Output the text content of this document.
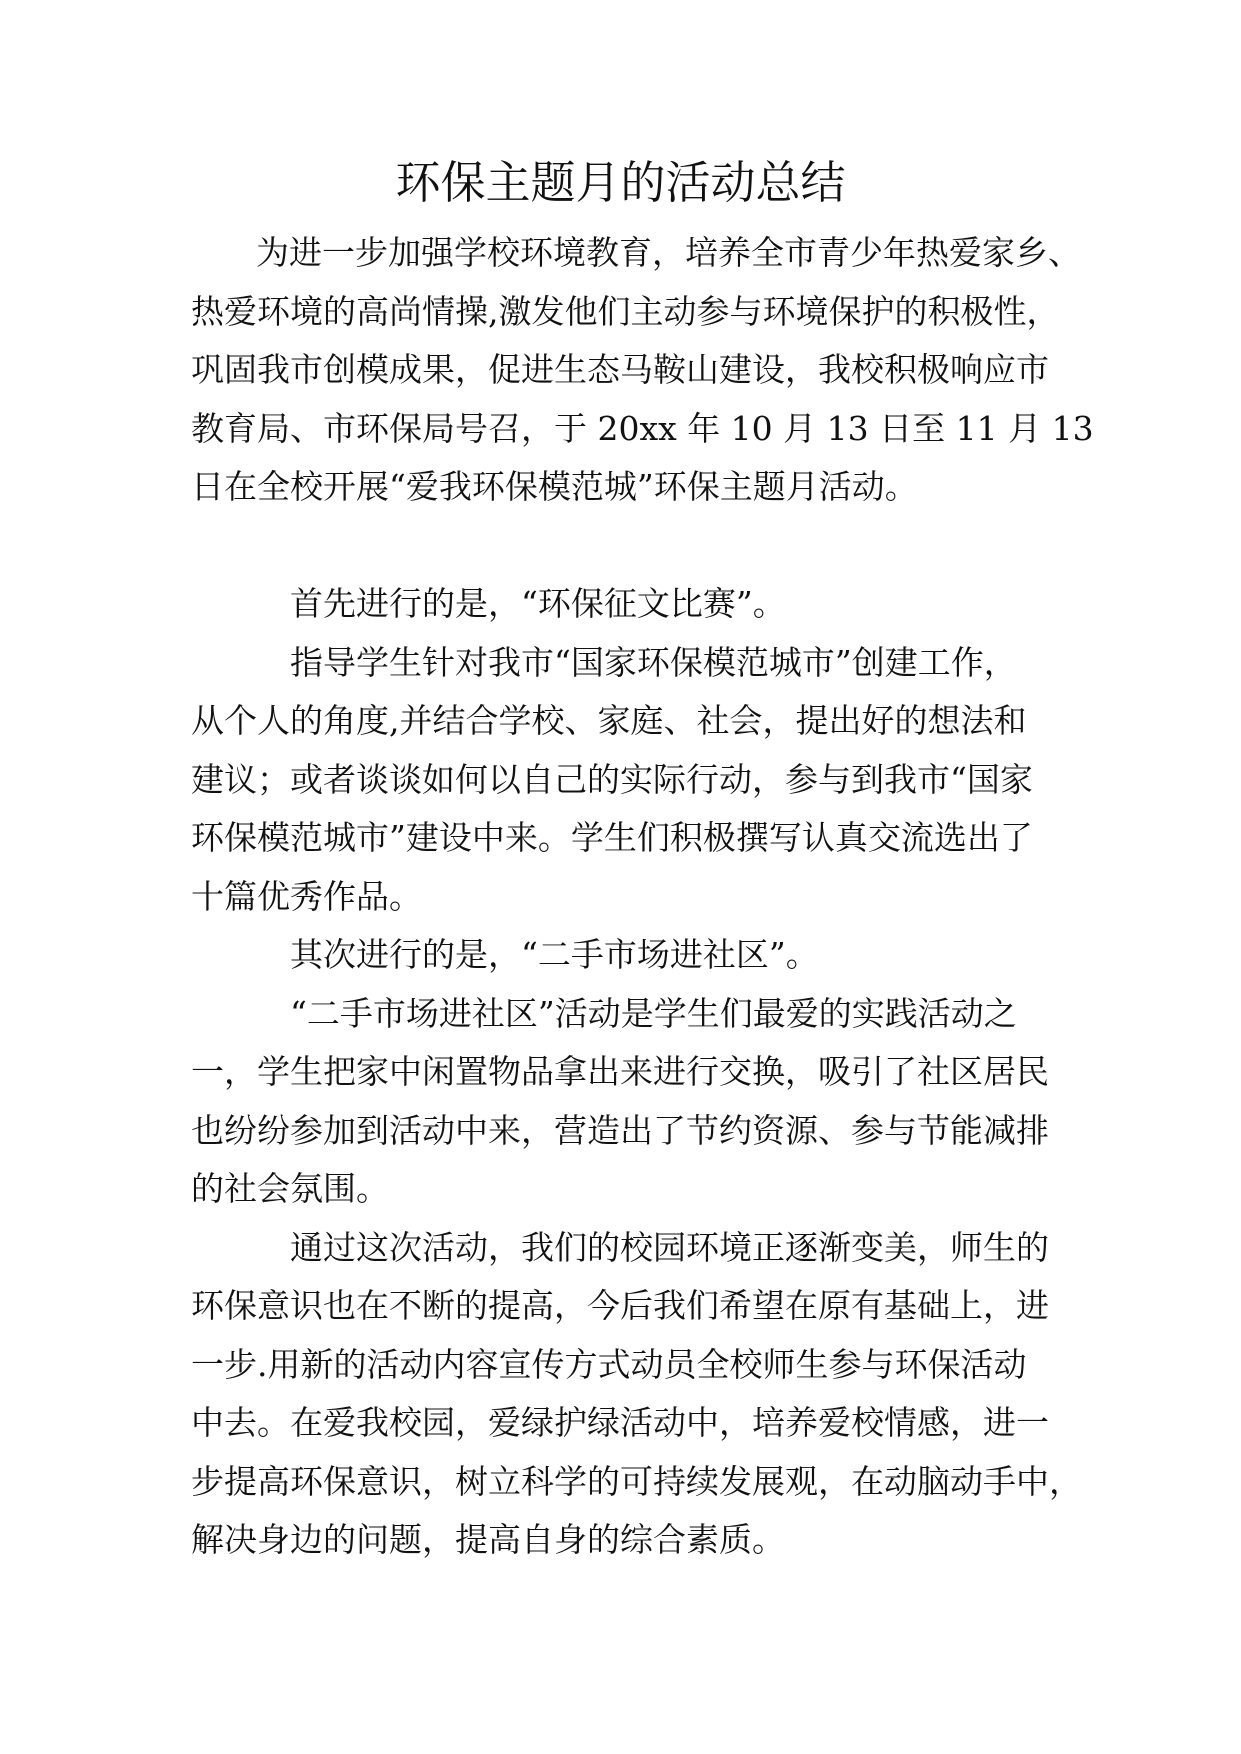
环保主题月的活动总结
为进一步加强学校环境教育，培养全市青少年热爱家乡、
热爱环境的高尚情操,激发他们主动参与环境保护的积极性，
巩固我市创模成果，促进生态马鞍山建设，我校积极响应市
教育局、市环保局号召，于 20xx 年 10 月 13 日至 11 月 13
日在全校开展“爱我环保模范城”环保主题月活动。
首先进行的是，“环保征文比赛”。
指导学生针对我市“国家环保模范城市”创建工作，
从个人的角度,并结合学校、家庭、社会，提出好的想法和
建议；或者谈谈如何以自己的实际行动，参与到我市“国家
环保模范城市”建设中来。学生们积极撰写认真交流选出了
十篇优秀作品。
其次进行的是，“二手市场进社区”。
“二手市场进社区”活动是学生们最爱的实践活动之
一，学生把家中闲置物品拿出来进行交换，吸引了社区居民
也纷纷参加到活动中来，营造出了节约资源、参与节能减排
的社会氛围。
通过这次活动，我们的校园环境正逐渐变美，师生的
环保意识也在不断的提高，今后我们希望在原有基础上，进
一步.用新的活动内容宣传方式动员全校师生参与环保活动
中去。在爱我校园，爱绿护绿活动中，培养爱校情感，进一
步提高环保意识，树立科学的可持续发展观，在动脑动手中，
解决身边的问题，提高自身的综合素质。
